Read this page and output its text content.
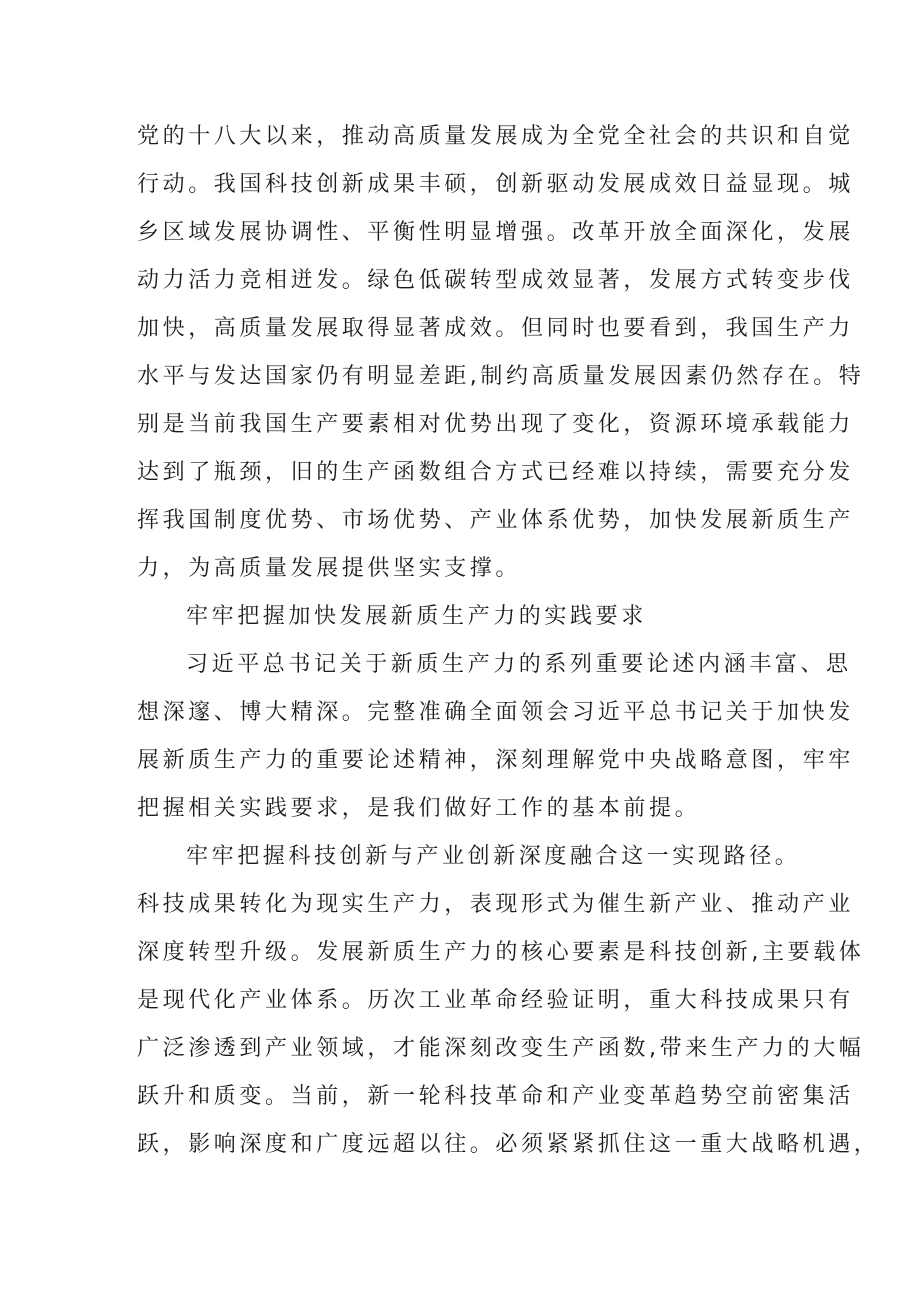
党的十八大以来，推动高质量发展成为全党全社会的共识和自觉
行动。我国科技创新成果丰硕，创新驱动发展成效日益显现。城
乡区域发展协调性、平衡性明显增强。改革开放全面深化，发展
动力活力竞相迸发。绿色低碳转型成效显著，发展方式转变步伐
加快，高质量发展取得显著成效。但同时也要看到，我国生产力
水平与发达国家仍有明显差距,制约高质量发展因素仍然存在。特
别是当前我国生产要素相对优势出现了变化，资源环境承载能力
达到了瓶颈，旧的生产函数组合方式已经难以持续，需要充分发
挥我国制度优势、市场优势、产业体系优势，加快发展新质生产
力，为高质量发展提供坚实支撑。
牢牢把握加快发展新质生产力的实践要求
习近平总书记关于新质生产力的系列重要论述内涵丰富、思
想深邃、博大精深。完整准确全面领会习近平总书记关于加快发
展新质生产力的重要论述精神，深刻理解党中央战略意图，牢牢
把握相关实践要求，是我们做好工作的基本前提。
牢牢把握科技创新与产业创新深度融合这一实现路径。
科技成果转化为现实生产力，表现形式为催生新产业、推动产业
深度转型升级。发展新质生产力的核心要素是科技创新,主要载体
是现代化产业体系。历次工业革命经验证明，重大科技成果只有
广泛渗透到产业领域，才能深刻改变生产函数,带来生产力的大幅
跃升和质变。当前，新一轮科技革命和产业变革趋势空前密集活
跃，影响深度和广度远超以往。必须紧紧抓住这一重大战略机遇，
